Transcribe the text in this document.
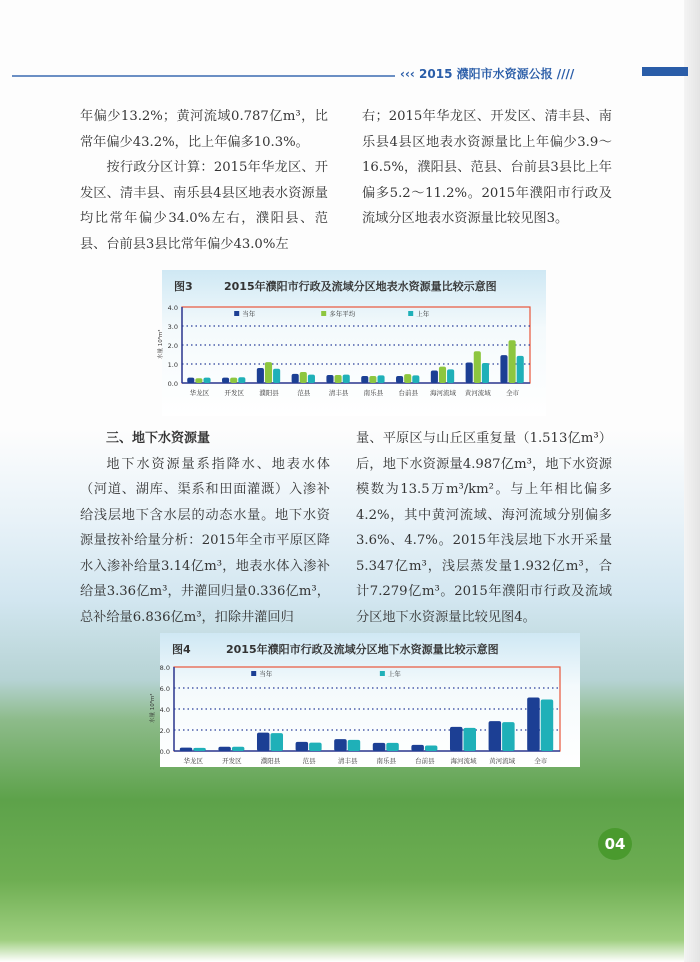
‹‹‹ 2015 濮阳市水资源公报 ////

年偏少13.2%；黄河流域0.787亿m³，比常年偏少43.2%，比上年偏多10.3%。

按行政分区计算：2015年华龙区、开发区、清丰县、南乐县4县区地表水资源量均比常年偏少34.0%左右，濮阳县、范县、台前县3县比常年偏少43.0%左

右；2015年华龙区、开发区、清丰县、南乐县4县区地表水资源量比上年偏少3.9～16.5%，濮阳县、范县、台前县3县比上年偏多5.2～11.2%。2015年濮阳市行政及流域分区地表水资源量比较见图3。

图3	2015年濮阳市行政及流域分区地表水资源量比较示意图
0.0
1.0
2.0
3.0
4.0
水量 10⁸m³
华龙区 开发区 濮阳县	范县	清丰县 南乐县 台前县 海河流域 黄河流域 全市
当年	多年平均	上年

三、地下水资源量

地下水资源量系指降水、地表水体（河道、湖库、渠系和田面灌溉）入渗补给浅层地下含水层的动态水量。地下水资源量按补给量分析：2015年全市平原区降水入渗补给量3.14亿m³，地表水体入渗补给量3.36亿m³，井灌回归量0.336亿m³，总补给量6.836亿m³，扣除井灌回归

量、平原区与山丘区重复量（1.513亿m³）后，地下水资源量4.987亿m³，地下水资源模数为13.5万m³/km²。与上年相比偏多4.2%，其中黄河流域、海河流域分别偏多3.6%、4.7%。2015年浅层地下水开采量5.347亿m³，浅层蒸发量1.932亿m³，合计7.279亿m³。2015年濮阳市行政及流域分区地下水资源量比较见图4。

图4	2015年濮阳市行政及流域分区地下水资源量比较示意图
0.0
2.0
4.0
6.0
8.0
水量 10⁸m³
华龙区	开发区	濮阳县	范县	清丰县	南乐县	台前县 海河流域 黄河流域	全市
当年	上年
04
